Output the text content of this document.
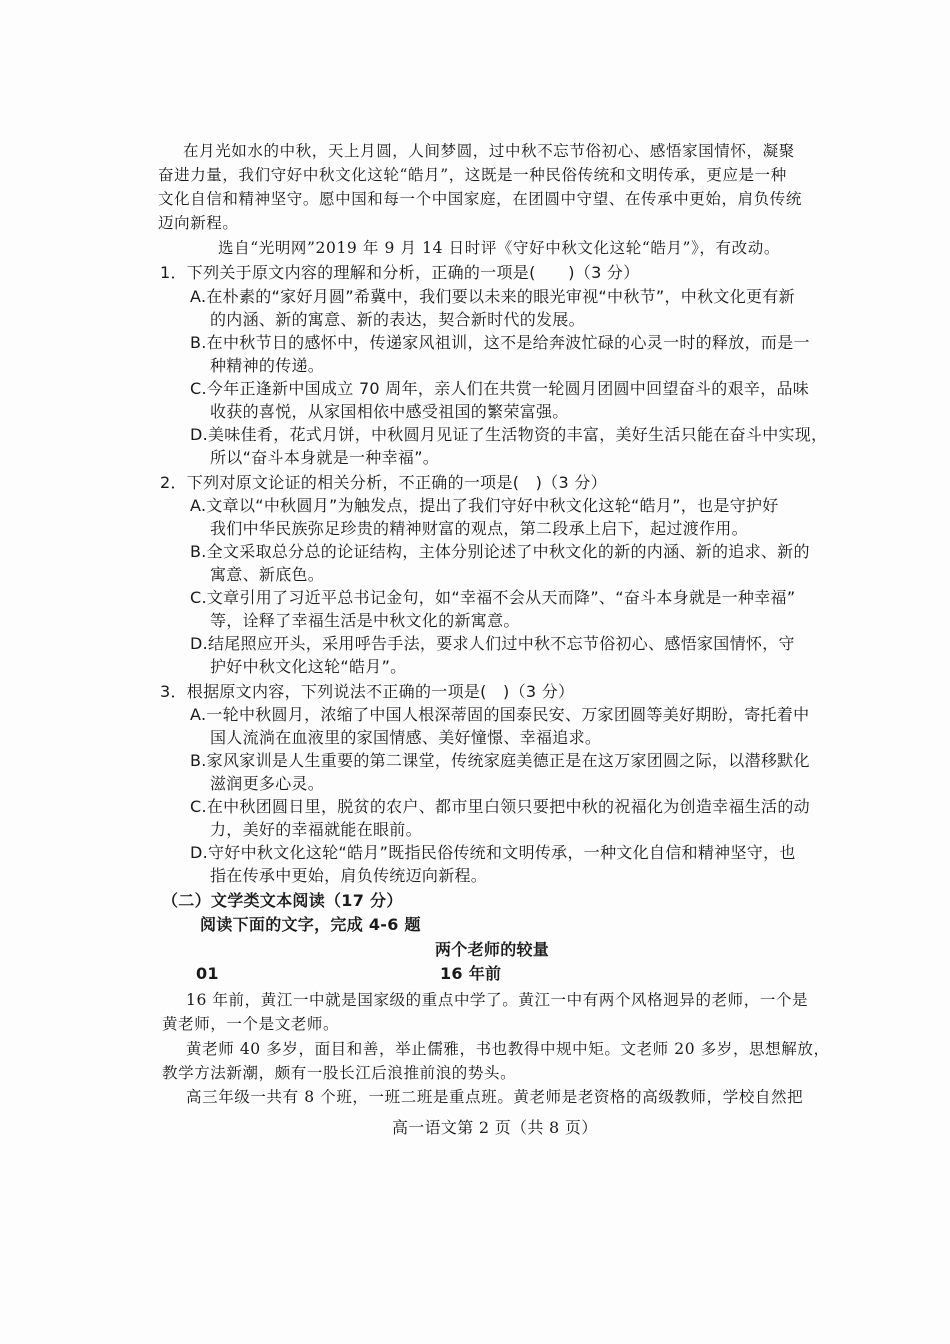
在月光如水的中秋，天上月圆，人间梦圆，过中秋不忘节俗初心、感悟家国情怀，凝聚
奋进力量，我们守好中秋文化这轮“皓月”，这既是一种民俗传统和文明传承，更应是一种
文化自信和精神坚守。愿中国和每一个中国家庭，在团圆中守望、在传承中更始，肩负传统
迈向新程。
选自“光明网”2019 年 9 月 14 日时评《守好中秋文化这轮“皓月”》，有改动。
1．下列关于原文内容的理解和分析，正确的一项是(　　)（3 分）
A.在朴素的“家好月圆”希冀中，我们要以未来的眼光审视“中秋节”，中秋文化更有新
的内涵、新的寓意、新的表达，契合新时代的发展。
B.在中秋节日的感怀中，传递家风祖训，这不是给奔波忙碌的心灵一时的释放，而是一
种精神的传递。
C.今年正逢新中国成立 70 周年，亲人们在共赏一轮圆月团圆中回望奋斗的艰辛，品味
收获的喜悦，从家国相依中感受祖国的繁荣富强。
D.美味佳肴，花式月饼，中秋圆月见证了生活物资的丰富，美好生活只能在奋斗中实现，
所以“奋斗本身就是一种幸福”。
2．下列对原文论证的相关分析，不正确的一项是(　)（3 分）
A.文章以“中秋圆月”为触发点，提出了我们守好中秋文化这轮“皓月”，也是守护好
我们中华民族弥足珍贵的精神财富的观点，第二段承上启下，起过渡作用。
B.全文采取总分总的论证结构，主体分别论述了中秋文化的新的内涵、新的追求、新的
寓意、新底色。
C.文章引用了习近平总书记金句，如“幸福不会从天而降”、“奋斗本身就是一种幸福”
等，诠释了幸福生活是中秋文化的新寓意。
D.结尾照应开头，采用呼告手法，要求人们过中秋不忘节俗初心、感悟家国情怀，守
护好中秋文化这轮“皓月”。
3．根据原文内容，下列说法不正确的一项是(　)（3 分）
A.一轮中秋圆月，浓缩了中国人根深蒂固的国泰民安、万家团圆等美好期盼，寄托着中
国人流淌在血液里的家国情感、美好憧憬、幸福追求。
B.家风家训是人生重要的第二课堂，传统家庭美德正是在这万家团圆之际，以潜移默化
滋润更多心灵。
C.在中秋团圆日里，脱贫的农户、都市里白领只要把中秋的祝福化为创造幸福生活的动
力，美好的幸福就能在眼前。
D.守好中秋文化这轮“皓月”既指民俗传统和文明传承，一种文化自信和精神坚守，也
指在传承中更始，肩负传统迈向新程。
（二）文学类文本阅读（17 分）
阅读下面的文字，完成 4-6 题
两个老师的较量
01	16 年前
16 年前，黄江一中就是国家级的重点中学了。黄江一中有两个风格迥异的老师，一个是
黄老师，一个是文老师。
黄老师 40 多岁，面目和善，举止儒雅，书也教得中规中矩。文老师 20 多岁，思想解放，
教学方法新潮，颇有一股长江后浪推前浪的势头。
高三年级一共有 8 个班，一班二班是重点班。黄老师是老资格的高级教师，学校自然把
高一语文第 2 页（共 8 页）
